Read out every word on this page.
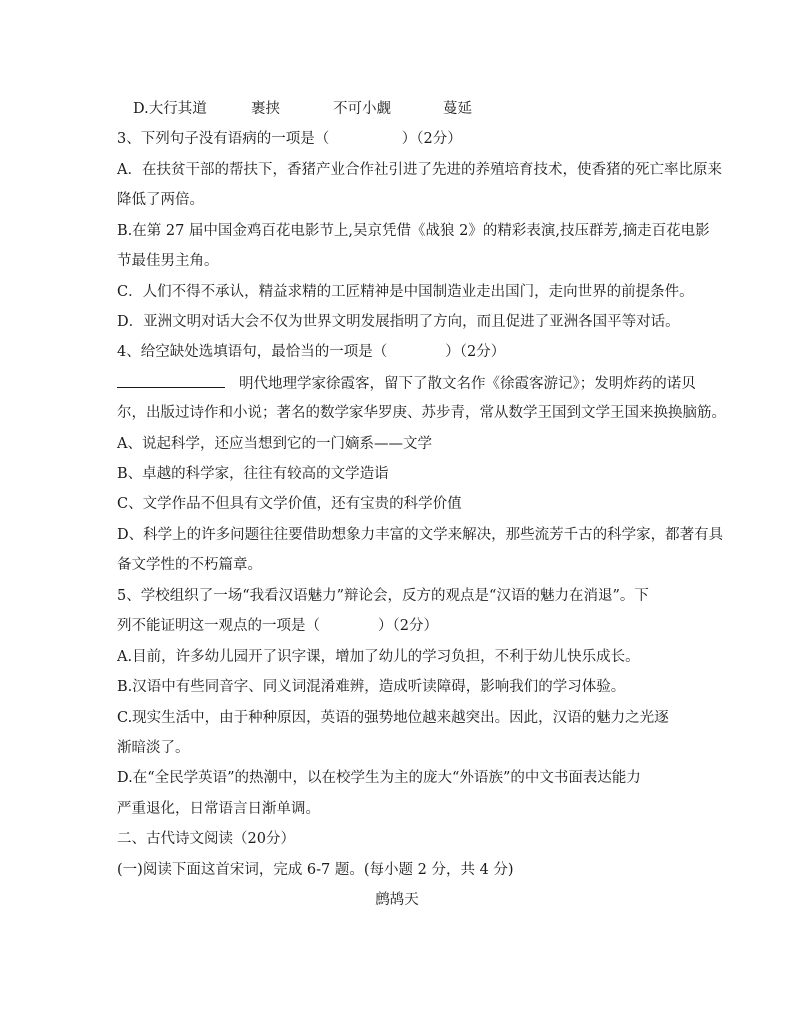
D.大行其道	裹挟	不可小觑	蔓延
3、下列句子没有语病的一项是（　　　　　）（2分）
A．在扶贫干部的帮扶下，香猪产业合作社引进了先进的养殖培育技术，使香猪的死亡率比原来
降低了两倍。
B.在第 27 届中国金鸡百花电影节上,吴京凭借《战狼 2》的精彩表演,技压群芳,摘走百花电影
节最佳男主角。
C．人们不得不承认，精益求精的工匠精神是中国制造业走出国门，走向世界的前提条件。
D．亚洲文明对话大会不仅为世界文明发展指明了方向，而且促进了亚洲各国平等对话。
4、给空缺处选填语句，最恰当的一项是（　　　　）（2分）
明代地理学家徐霞客，留下了散文名作《徐霞客游记》；发明炸药的诺贝
尔，出版过诗作和小说；著名的数学家华罗庚、苏步青，常从数学王国到文学王国来换换脑筋。
A、说起科学，还应当想到它的一门嫡系——文学
B、卓越的科学家，往往有较高的文学造诣
C、文学作品不但具有文学价值，还有宝贵的科学价值
D、科学上的许多问题往往要借助想象力丰富的文学来解决，那些流芳千古的科学家，都著有具
备文学性的不朽篇章。
5、学校组织了一场“我看汉语魅力”辩论会，反方的观点是“汉语的魅力在消退”。下
列不能证明这一观点的一项是（　　　　）（2分）
A.目前，许多幼儿园开了识字课，增加了幼儿的学习负担，不利于幼儿快乐成长。
B.汉语中有些同音字、同义词混淆难辨，造成听读障碍，影响我们的学习体验。
C.现实生活中，由于种种原因，英语的强势地位越来越突出。因此，汉语的魅力之光逐
渐暗淡了。
D.在“全民学英语”的热潮中，以在校学生为主的庞大“外语族”的中文书面表达能力
严重退化，日常语言日渐单调。
二、古代诗文阅读（20分）
(一)阅读下面这首宋词，完成 6-7 题。(每小题 2 分，共 4 分)
鹧鸪天
